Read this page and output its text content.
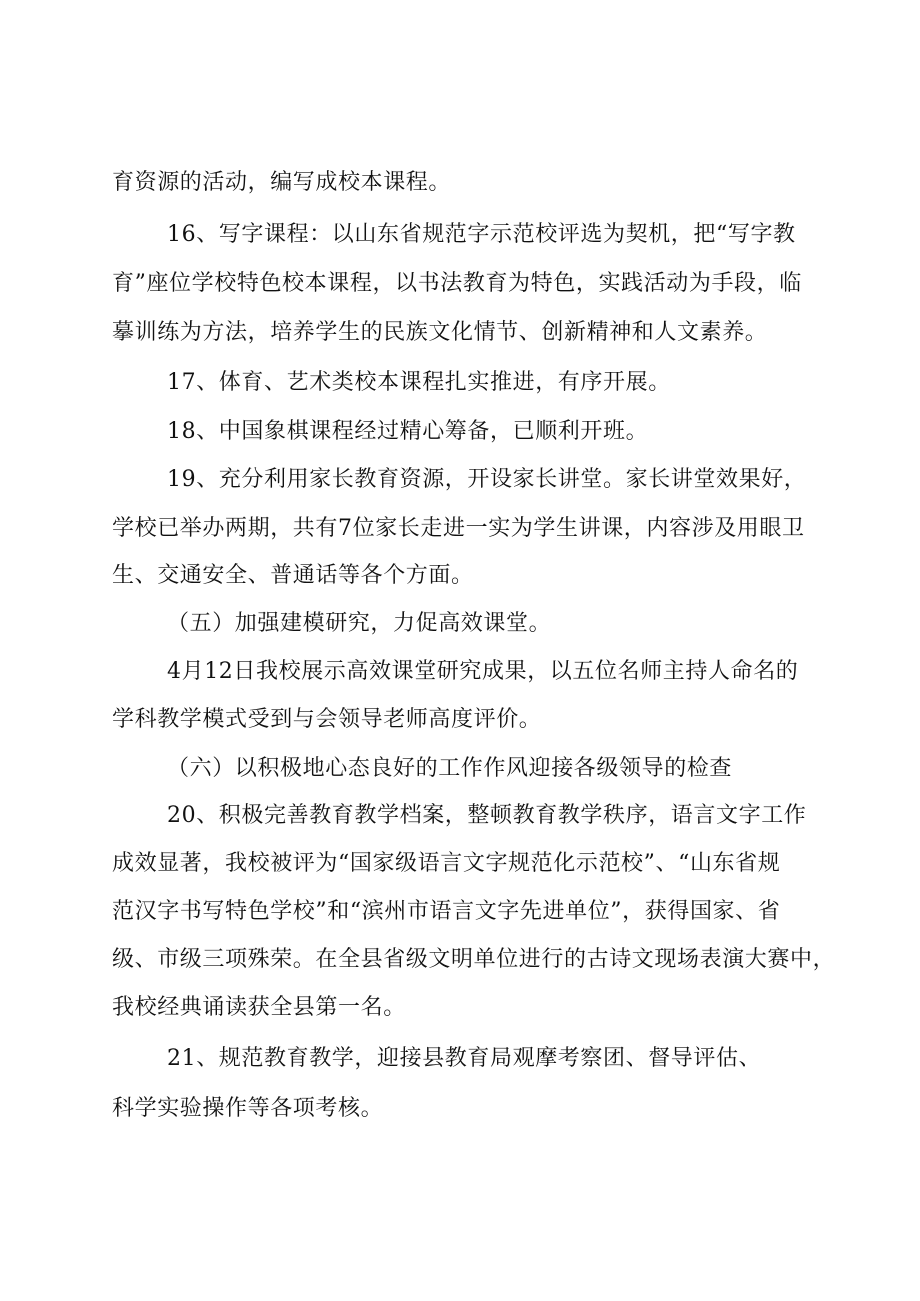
育资源的活动，编写成校本课程。
16、写字课程：以山东省规范字示范校评选为契机，把“写字教
育”座位学校特色校本课程，以书法教育为特色，实践活动为手段，临
摹训练为方法，培养学生的民族文化情节、创新精神和人文素养。
17、体育、艺术类校本课程扎实推进，有序开展。
18、中国象棋课程经过精心筹备，已顺利开班。
19、充分利用家长教育资源，开设家长讲堂。家长讲堂效果好，
学校已举办两期，共有7位家长走进一实为学生讲课，内容涉及用眼卫
生、交通安全、普通话等各个方面。
（五）加强建模研究，力促高效课堂。
4月12日我校展示高效课堂研究成果，以五位名师主持人命名的
学科教学模式受到与会领导老师高度评价。
（六）以积极地心态良好的工作作风迎接各级领导的检查
20、积极完善教育教学档案，整顿教育教学秩序，语言文字工作
成效显著，我校被评为“国家级语言文字规范化示范校”、“山东省规
范汉字书写特色学校”和“滨州市语言文字先进单位”，获得国家、省
级、市级三项殊荣。在全县省级文明单位进行的古诗文现场表演大赛中，
我校经典诵读获全县第一名。
21、规范教育教学，迎接县教育局观摩考察团、督导评估、
科学实验操作等各项考核。
